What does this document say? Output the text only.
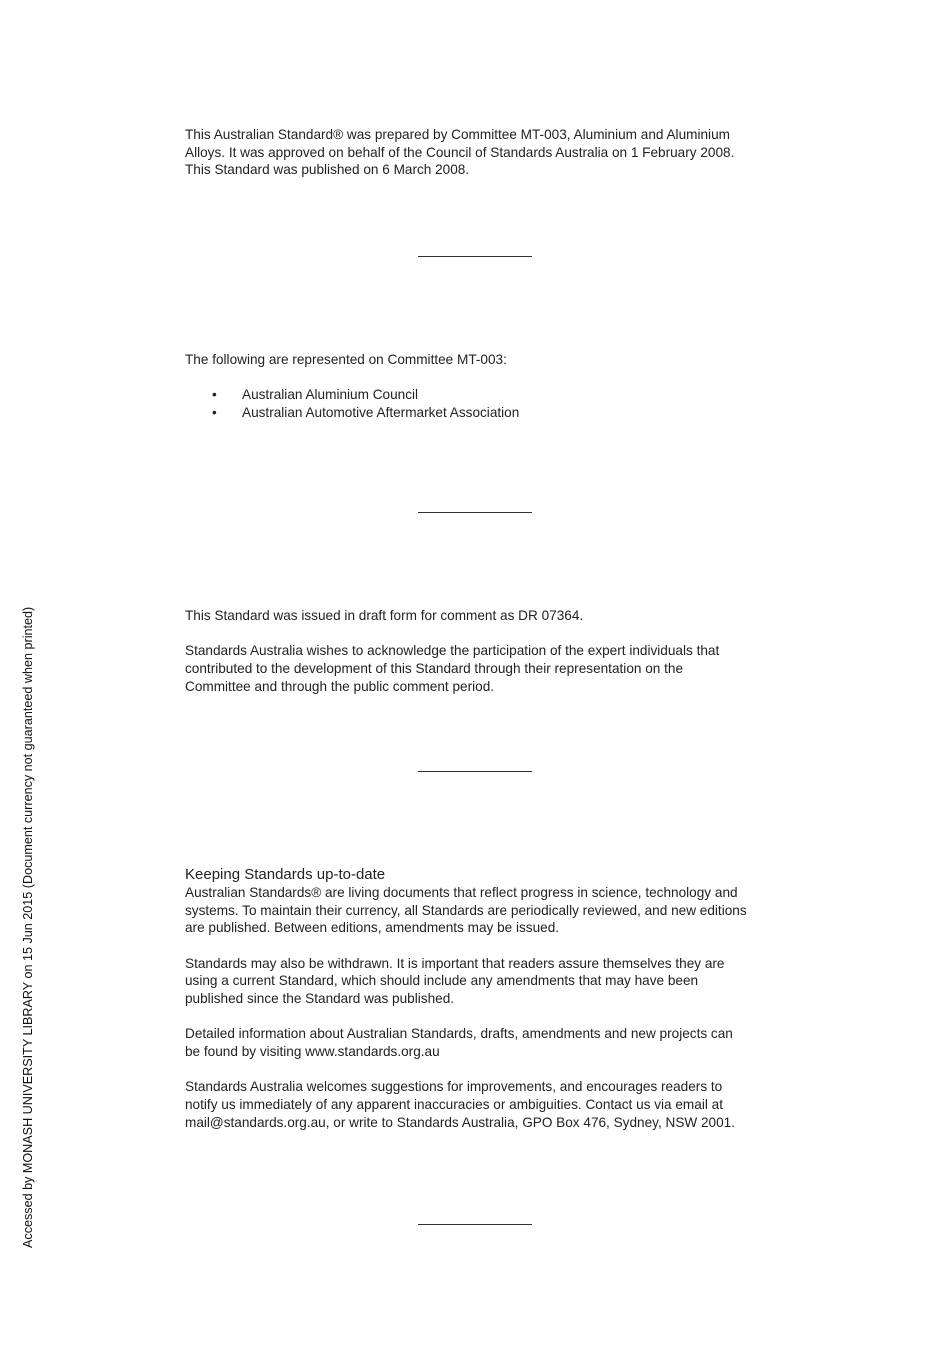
This Australian Standard® was prepared by Committee MT-003, Aluminium and Aluminium

Alloys. It was approved on behalf of the Council of Standards Australia on 1 February 2008.

This Standard was published on 6 March 2008.

The following are represented on Committee MT-003:

• Australian Aluminium Council
• Australian Automotive Aftermarket Association

This Standard was issued in draft form for comment as DR 07364.

Standards Australia wishes to acknowledge the participation of the expert individuals that

contributed to the development of this Standard through their representation on the

Committee and through the public comment period.

Keeping Standards up-to-date

Australian Standards® are living documents that reflect progress in science, technology and

systems. To maintain their currency, all Standards are periodically reviewed, and new editions

are published. Between editions, amendments may be issued.

Standards may also be withdrawn. It is important that readers assure themselves they are

using a current Standard, which should include any amendments that may have been

published since the Standard was published.

Detailed information about Australian Standards, drafts, amendments and new projects can

be found by visiting www.standards.org.au

Standards Australia welcomes suggestions for improvements, and encourages readers to

notify us immediately of any apparent inaccuracies or ambiguities. Contact us via email at

mail@standards.org.au, or write to Standards Australia, GPO Box 476, Sydney, NSW 2001.

Accessed by MONASH UNIVERSITY LIBRARY on 15 Jun 2015 (Document currency not guaranteed when printed)
